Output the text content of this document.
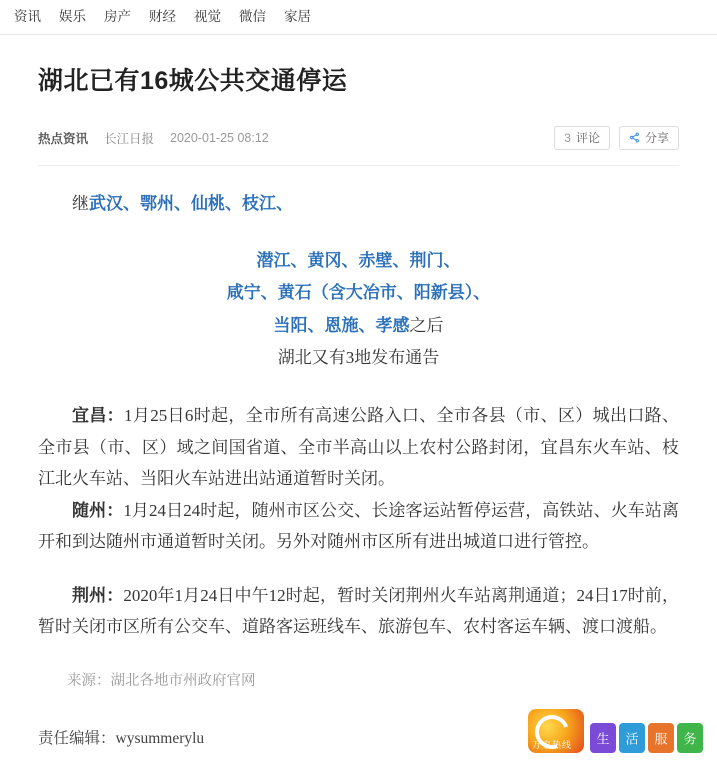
资讯 娱乐 房产 财经 视觉 微信 家居
湖北已有16城公共交通停运
热点资讯 长江日报 2020-01-25 08:12	3 评论	分享

继武汉、鄂州、仙桃、枝江、

潜江、黄冈、赤壁、荆门、

咸宁、黄石（含大冶市、阳新县）、

当阳、恩施、孝感之后

湖北又有3地发布通告

宜昌：1月25日6时起，全市所有高速公路入口、全市各县（市、区）城出口路、全市县（市、区）域之间国省道、全市半高山以上农村公路封闭，宜昌东火车站、枝江北火车站、当阳火车站进出站通道暂时关闭。

随州：1月24日24时起，随州市区公交、长途客运站暂停运营，高铁站、火车站离开和到达随州市通道暂时关闭。另外对随州市区所有进出城道口进行管控。

荆州：2020年1月24日中午12时起，暂时关闭荆州火车站离荆通道；24日17时前，暂时关闭市区所有公交车、道路客运班线车、旅游包车、农村客运车辆、渡口渡船。

来源：湖北各地市州政府官网

责任编辑：wysummerylu	万家热线	生	活	服	务
